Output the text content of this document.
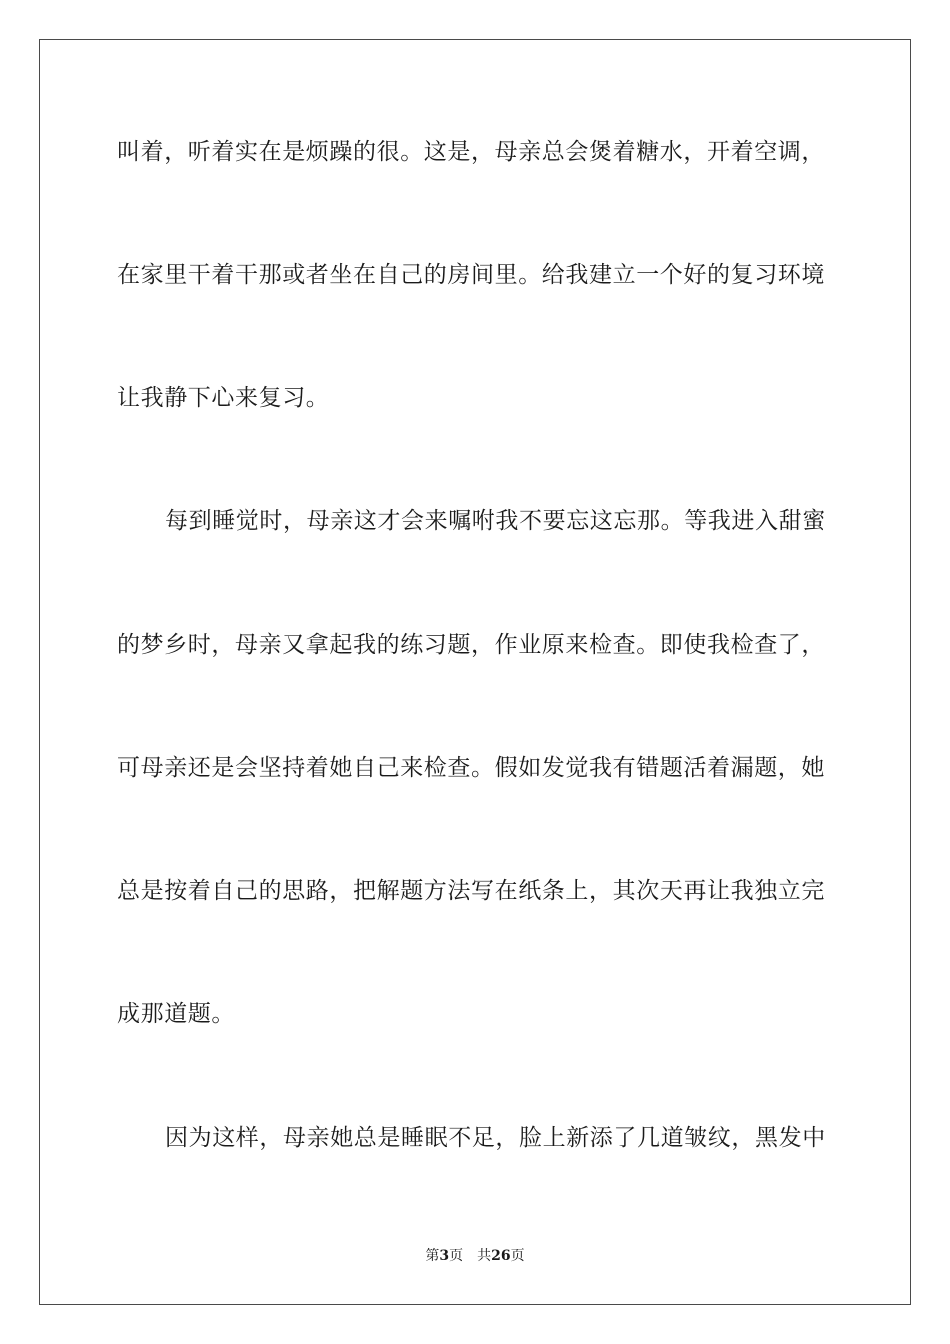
叫着，听着实在是烦躁的很。这是，母亲总会煲着糖水，开着空调，
在家里干着干那或者坐在自己的房间里。给我建立一个好的复习环境
让我静下心来复习。
每到睡觉时，母亲这才会来嘱咐我不要忘这忘那。等我进入甜蜜
的梦乡时，母亲又拿起我的练习题，作业原来检查。即使我检查了，
可母亲还是会坚持着她自己来检查。假如发觉我有错题活着漏题，她
总是按着自己的思路，把解题方法写在纸条上，其次天再让我独立完
成那道题。
因为这样，母亲她总是睡眠不足，脸上新添了几道皱纹，黑发中
第3页 共26页
